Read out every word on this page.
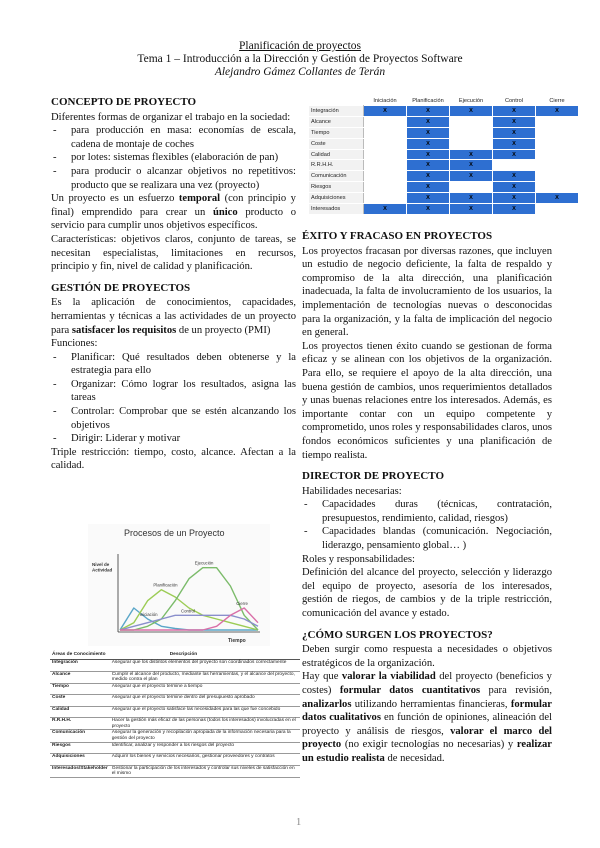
Planificación de proyectos
Tema 1 – Introducción a la Dirección y Gestión de Proyectos Software
Alejandro Gámez Collantes de Terán
CONCEPTO DE PROYECTO

Diferentes formas de organizar el trabajo en la sociedad:

- para producción en masa: economías de escala, cadena de montaje de coches
- por lotes: sistemas flexibles (elaboración de pan)
- para producir o alcanzar objetivos no repetitivos: producto que se realizara una vez (proyecto)

Un proyecto es un esfuerzo temporal (con principio y final) emprendido para crear un único producto o servicio para cumplir unos objetivos específicos.

Características: objetivos claros, conjunto de tareas, se necesitan especialistas, limitaciones en recursos, principio y fin, nivel de calidad y planificación.

GESTIÓN DE PROYECTOS

Es la aplicación de conocimientos, capacidades, herramientas y técnicas a las actividades de un proyecto para satisfacer los requisitos de un proyecto (PMI)

Funciones:

- Planificar: Qué resultados deben obtenerse y la estrategia para ello
- Organizar: Cómo lograr los resultados, asigna las tareas
- Controlar: Comprobar que se estén alcanzando los objetivos
- Dirigir: Liderar y motivar

Triple restricción: tiempo, costo, alcance. Afectan a la calidad.

Procesos de un Proyecto
Nivel de Actividad
Tiempo
Iniciación
Planificación
Ejecución
Control
Cierre
Áreas de Conocimiento	Descripción
Integración	Asegurar que los distintos elementos del proyecto son coordinados correctamente
Alcance	Cumplir el alcance del producto, mediante las herramientas, y el alcance del proyecto, medido contra el plan
Tiempo	Asegurar que el proyecto termine a tiempo
Coste	Asegurar que el proyecto termine dentro del presupuesto aprobado
Calidad	Asegurar que el proyecto satisface las necesidades para las que fue concebido
R.R.H.H.	Hacer la gestión más eficaz de las personas (todos los interesados) involucradas en el proyecto
Comunicación	Asegurar la generación y recopilación apropiada de la información necesaria para la gestión del proyecto
Riesgos	Identificar, analizar y responder a los riesgos del proyecto
Adquisiciones	Adquirir los bienes y servicios necesarios, gestionar proveedores y contratos
Interesados/Stakeholder	Gestionar la participación de los interesados y controlar sus niveles de satisfacción en el mismo
	Iniciación	Planificación	Ejecución	Control	Cierre
Integración	X	X	X	X	X
Alcance		X		X	
Tiempo		X		X	
Coste		X		X	
Calidad		X	X	X	
R.R.H.H.		X	X		
Comunicación		X	X	X	
Riesgos		X		X	
Adquisiciones		X	X	X	X
Interesados	X	X	X	X	
ÉXITO Y FRACASO EN PROYECTOS

Los proyectos fracasan por diversas razones, que incluyen un estudio de negocio deficiente, la falta de respaldo y compromiso de la alta dirección, una planificación inadecuada, la falta de involucramiento de los usuarios, la implementación de tecnologías nuevas o desconocidas para la organización, y la falta de implicación del negocio en general.

Los proyectos tienen éxito cuando se gestionan de forma eficaz y se alinean con los objetivos de la organización. Para ello, se requiere el apoyo de la alta dirección, una buena gestión de cambios, unos requerimientos detallados y unas buenas relaciones entre los interesados. Además, es importante contar con un equipo competente y comprometido, unos roles y responsabilidades claros, unos fondos económicos suficientes y una planificación de tiempo realista.

DIRECTOR DE PROYECTO

Habilidades necesarias:

- Capacidades duras (técnicas, contratación, presupuestos, rendimiento, calidad, riesgos)
- Capacidades blandas (comunicación. Negociación, liderazgo, pensamiento global… )

Roles y responsabilidades:

Definición del alcance del proyecto, selección y liderazgo del equipo de proyecto, asesoría de los interesados, gestión de riegos, de cambios y de la triple restricción, comunicación del avance y estado.

¿CÓMO SURGEN LOS PROYECTOS?

Deben surgir como respuesta a necesidades o objetivos estratégicos de la organización.

Hay que valorar la viabilidad del proyecto (beneficios y costes) formular datos cuantitativos para revisión, analizarlos utilizando herramientas financieras, formular datos cualitativos en función de opiniones, alineación del proyecto y análisis de riesgos, valorar el marco del proyecto (no exigir tecnologías no necesarias) y realizar un estudio realista de necesidad.

1
